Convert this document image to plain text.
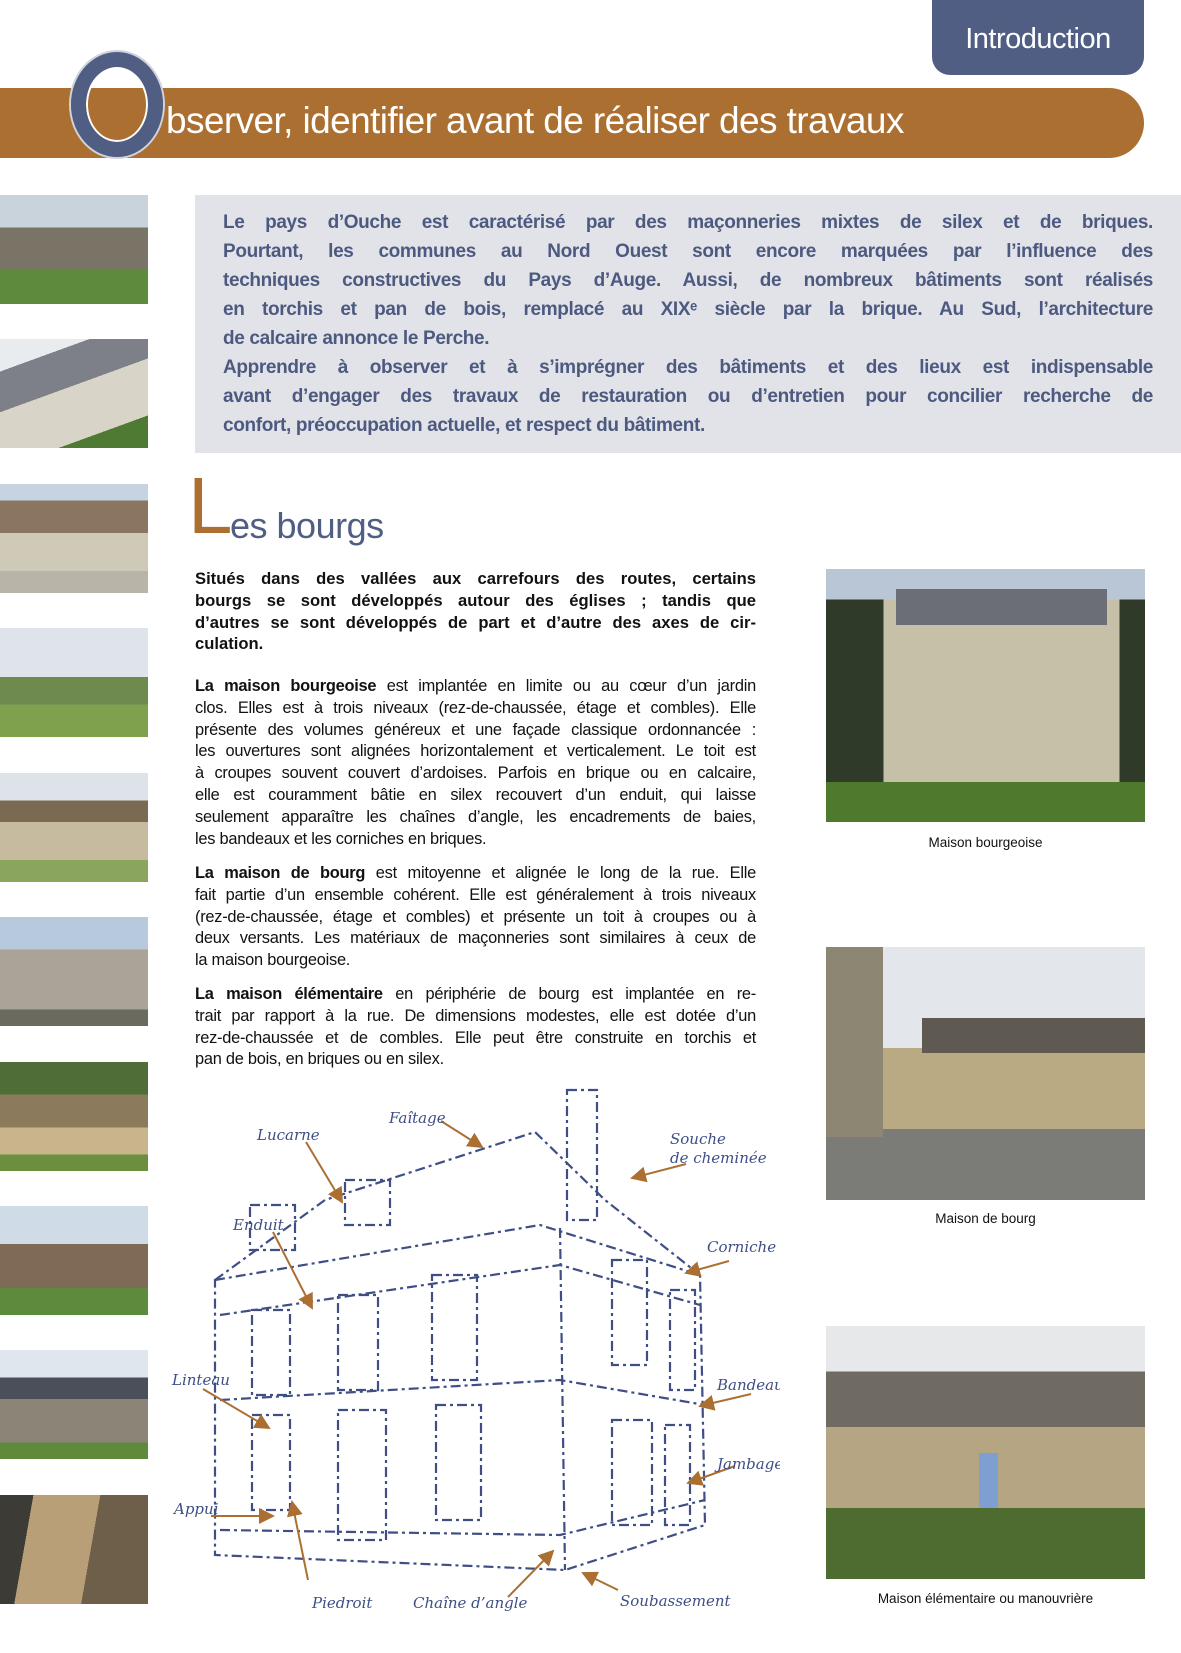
Introduction
bserver, identifier avant de réaliser des travaux
Le pays d’Ouche est caractérisé par des maçonneries mixtes de silex et de briques.
Pourtant, les communes au Nord Ouest sont encore marquées par l’influence des
techniques constructives du Pays d’Auge. Aussi, de nombreux bâtiments sont réalisés
en torchis et pan de bois, remplacé au XIXᵉ siècle par la brique. Au Sud, l’architecture
de calcaire annonce le Perche.
Apprendre à observer et à s’imprégner des bâtiments et des lieux est indispensable
avant d’engager des travaux de restauration ou d’entretien pour concilier recherche de
confort, préoccupation actuelle, et respect du bâtiment.
L
es bourgs
Situés dans des vallées aux carrefours des routes, certains
bourgs se sont développés autour des églises ; tandis que
d’autres se sont développés de part et d’autre des axes de cir-
culation.
La maison bourgeoise est implantée en limite ou au cœur d’un jardin
clos. Elles est à trois niveaux (rez-de-chaussée, étage et combles). Elle
présente des volumes généreux et une façade classique ordonnancée :
les ouvertures sont alignées horizontalement et verticalement. Le toit est
à croupes souvent couvert d’ardoises. Parfois en brique ou en calcaire,
elle est couramment bâtie en silex recouvert d’un enduit, qui laisse
seulement apparaître les chaînes d’angle, les encadrements de baies,
les bandeaux et les corniches en briques.
La maison de bourg est mitoyenne et alignée le long de la rue. Elle
fait partie d’un ensemble cohérent. Elle est généralement à trois niveaux
(rez-de-chaussée, étage et combles) et présente un toit à croupes ou à
deux versants. Les matériaux de maçonneries sont similaires à ceux de
la maison bourgeoise.
La maison élémentaire en périphérie de bourg est implantée en re-
trait par rapport à la rue. De dimensions modestes, elle est dotée d’un
rez-de-chaussée et de combles. Elle peut être construite en torchis et
pan de bois, en briques ou en silex.
Maison bourgeoise
Maison de bourg
Maison élémentaire ou manouvrière
Faîtage
Lucarne	Souche
de cheminée
Enduit
Corniche
Linteau	Bandeau
Jambage
Appui
Piedroit	Chaîne d’angle	Soubassement
